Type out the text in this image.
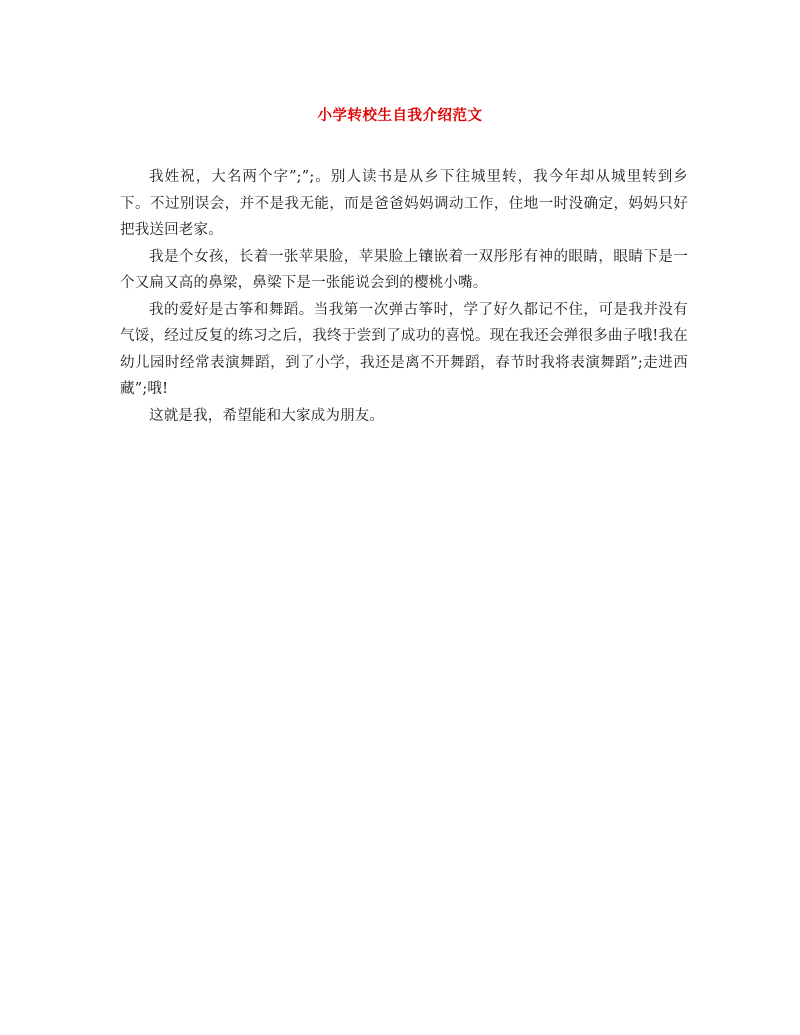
小学转校生自我介绍范文

我姓祝，大名两个字”;”;。别人读书是从乡下往城里转，我今年却从城里转到乡下。不过别误会，并不是我无能，而是爸爸妈妈调动工作，住地一时没确定，妈妈只好把我送回老家。

我是个女孩，长着一张苹果脸，苹果脸上镶嵌着一双彤彤有神的眼睛，眼睛下是一个又扁又高的鼻梁，鼻梁下是一张能说会到的樱桃小嘴。

我的爱好是古筝和舞蹈。当我第一次弹古筝时，学了好久都记不住，可是我并没有气馁，经过反复的练习之后，我终于尝到了成功的喜悦。现在我还会弹很多曲子哦!我在幼儿园时经常表演舞蹈，到了小学，我还是离不开舞蹈，春节时我将表演舞蹈”;走进西藏”;哦!

这就是我，希望能和大家成为朋友。
